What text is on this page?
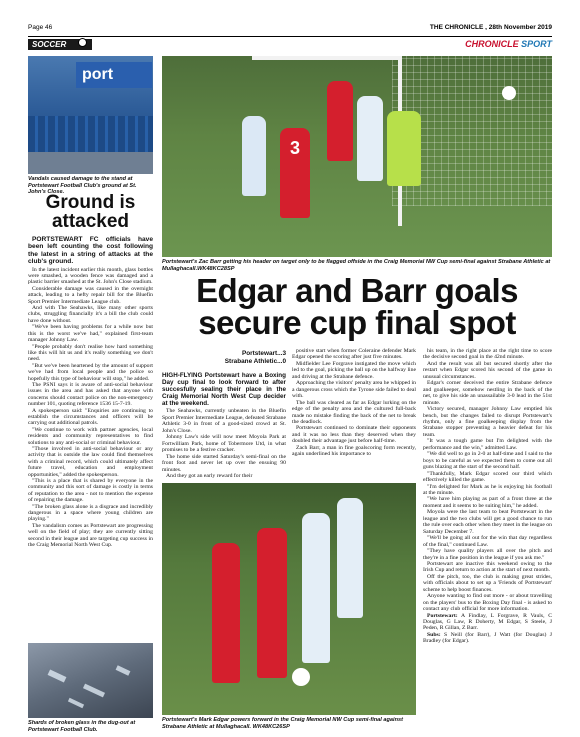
Page 46	THE CHRONICLE , 28th November 2019
SOCCER	CHRONICLE SPORT
port
Vandals caused damage to the stand at Portstewart Football Club's ground at St. John's Close.
Ground is attacked

PORTSTEWART FC officials have been left counting the cost following the latest in a string of attacks at the club's ground.

In the latest incident earlier this month, glass bottles were smashed, a wooden fence was damaged and a plastic barrier smashed at the St. John's Close stadium.

Considerable damage was caused in the overnight attack, leading to a hefty repair bill for the Bluefin Sport Premier Intermediate League club.

And with The Seahawks, like many other sports clubs, struggling financially it's a bill the club could have done without.

"We've been having problems for a while now but this is the worst we've had," explained first-team manager Johnny Law.

"People probably don't realise how hard something like this will hit us and it's really something we don't need.

"But we've been heartened by the amount of support we've had from local people and the police so hopefully this type of behaviour will stop," he added.

The PSNI says it is aware of anti-social behaviour issues in the area and has asked that anyone with concerns should contact police on the non-emergency number 101, quoting reference 1536 15-7-19.

A spokesperson said: "Enquiries are continuing to establish the circumstances and officers will be carrying out additional patrols.

"We continue to work with partner agencies, local residents and community representatives to find solutions to any anti-social or criminal behaviour.

"Those involved in anti-social behaviour or any activity that is outside the law could find themselves with a criminal record, which could ultimately affect future travel, education and employment opportunities," added the spokesperson.

"This is a place that is shared by everyone in the community and this sort of damage is costly in terms of reputation to the area - not to mention the expense of repairing the damage.

"The broken glass alone is a disgrace and incredibly dangerous in a space where young children are playing."

The vandalism comes as Portstewart are progressing well on the field of play; they are currently sitting second in their league and are targeting cup success in the Craig Memorial North West Cup.

Shards of broken glass in the dug-out at Portstewart Football Club.
3
Portstewart's Zac Barr getting his header on target only to be flagged offside in the Craig Memorial NW Cup semi-final against Strabane Athletic at Mullaghacall.WK48KC28SP
Edgar and Barr goals secure cup final spot
Portstewart...3
Strabane Athletic...0

HIGH-FLYING Portstewart have a Boxing Day cup final to look forward to after succesfully sealing their place in the Craig Memorial North West Cup decider at the weekend.

The Seahawks, currently unbeaten in the Bluefin Sport Premier Intermediate League, defeated Strabane Athletic 3-0 in front of a good-sized crowd at St. John's Close.

Johnny Law's side will now meet Moyola Park at Fortwilliam Park, home of Tobermore Utd, in what promises to be a festive cracker.

The home side started Saturday's semi-final on the front foot and never let up over the ensuing 90 minutes.

And they got an early reward for their

positive start when former Coleraine defender Mark Edgar opened the scoring after just five minutes.

Midfielder Lee Forgrave instigated the move which led to the goal, picking the ball up on the halfway line and driving at the Strabane defence.

Approaching the visitors' penalty area he whipped in a dangerous cross which the Tyrone side failed to deal with.

The ball was cleared as far as Edgar lurking on the edge of the penalty area and the cultured full-back made no mistake finding the back of the net to break the deadlock.

Portstewart continued to dominate their opponents and it was no less than they deserved when they doubled their advantage just before half-time.

Zach Barr, a man in fine goalscoring form recently, again underlined his importance to

his team, in the right place at the right time to score the decisive second goal in the 42nd minute.

And the result was all but secured shortly after the restart when Edgar scored his second of the game in unusual circumstances.

Edgar's corner deceived the entire Strabane defence and goalkeeper, somehow nestling in the back of the net, to give his side an unassailable 3-0 lead in the 51st minute.

Victory secured, manager Johnny Law emptied his bench, but the changes failed to disrupt Portstewart's rhythm, only a fine goalkeeping display from the Strabane stopper preventing a heavier defeat for his team.

"It was a tough game but I'm delighted with the performance and the win," admitted Law.

"We did well to go in 2-0 at half-time and I said to the boys to be careful as we expected them to come out all guns blazing at the start of the second half.

"Thankfully, Mark Edgar scored our third which effectively killed the game.

"I'm delighted for Mark as he is enjoying his football at the minute.

"We have him playing as part of a front three at the moment and it seems to be suiting him," he added.

Moyola were the last team to beat Portstewart in the league and the two clubs will get a good chance to run the rule over each other when they meet in the league on Saturday December 7.

"We'll be going all out for the win that day regardless of the final," continued Law.

"They have quality players all over the pitch and they're in a fine position in the league if you ask me."

Portstewart are inactive this weekend owing to the Irish Cup and return to action at the start of next month.

Off the pitch, too, the club is making great strides, with officials about to set up a 'Friends of Portstewart' scheme to help boost finances.

Anyone wanting to find out more - or about travelling on the players' bus to the Boxing Day final - is asked to contact any club official for more information.

Portstewart: A Findlay, L Forgrave, R Vauls, C Douglas, G Law, R Doherty, M Edgar, S Steele, J Peden, R Gillan, Z Barr.

Subs: S Neill (for Barr), J Watt (for Douglas) J Bradley (for Edgar).

Portstewart's Mark Edgar powers forward in the Craig Memorial NW Cup semi-final against Strabane Athletic at Mullaghacall. WK48KC26SP
